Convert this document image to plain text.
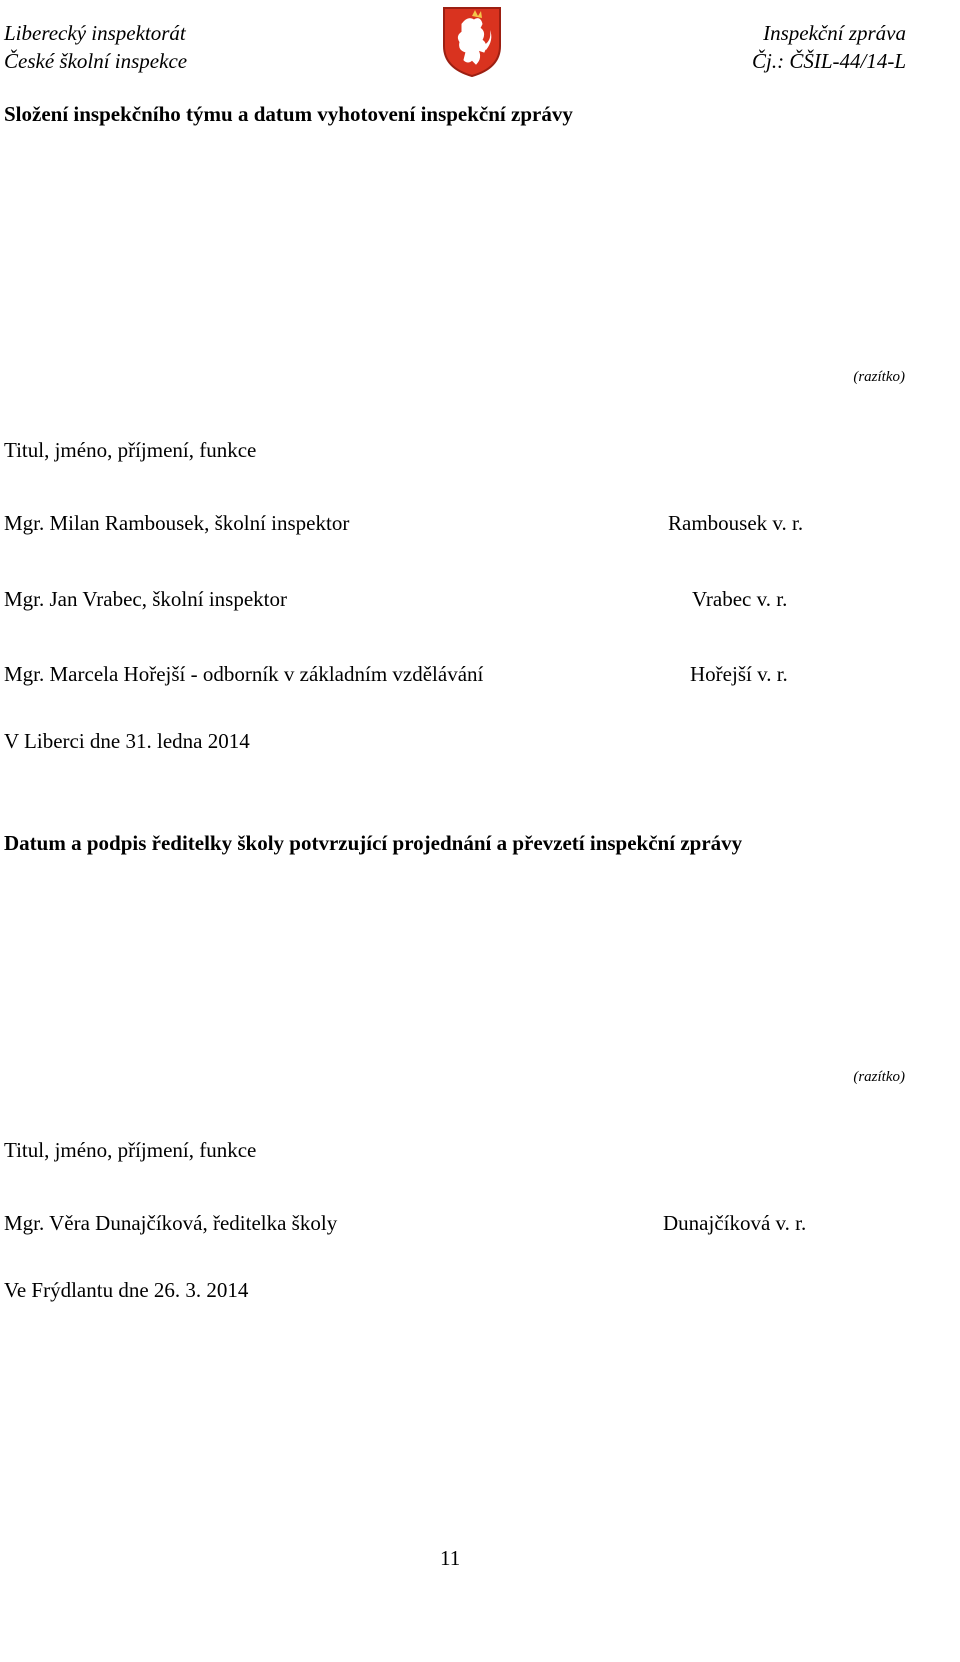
Liberecký inspektorát
České školní inspekce
Inspekční zpráva
Čj.: ČŠIL-44/14-L
Složení inspekčního týmu a datum vyhotovení inspekční zprávy
(razítko)
Titul, jméno, příjmení, funkce
Mgr. Milan Rambousek, školní inspektor	Rambousek v. r.
Mgr. Jan Vrabec, školní inspektor	Vrabec v. r.
Mgr. Marcela Hořejší - odborník v základním vzdělávání	Hořejší v. r.
V Liberci dne 31. ledna 2014
Datum a podpis ředitelky školy potvrzující projednání a převzetí inspekční zprávy
(razítko)
Titul, jméno, příjmení, funkce
Mgr. Věra Dunajčíková, ředitelka školy	Dunajčíková v. r.
Ve Frýdlantu dne 26. 3. 2014
11
